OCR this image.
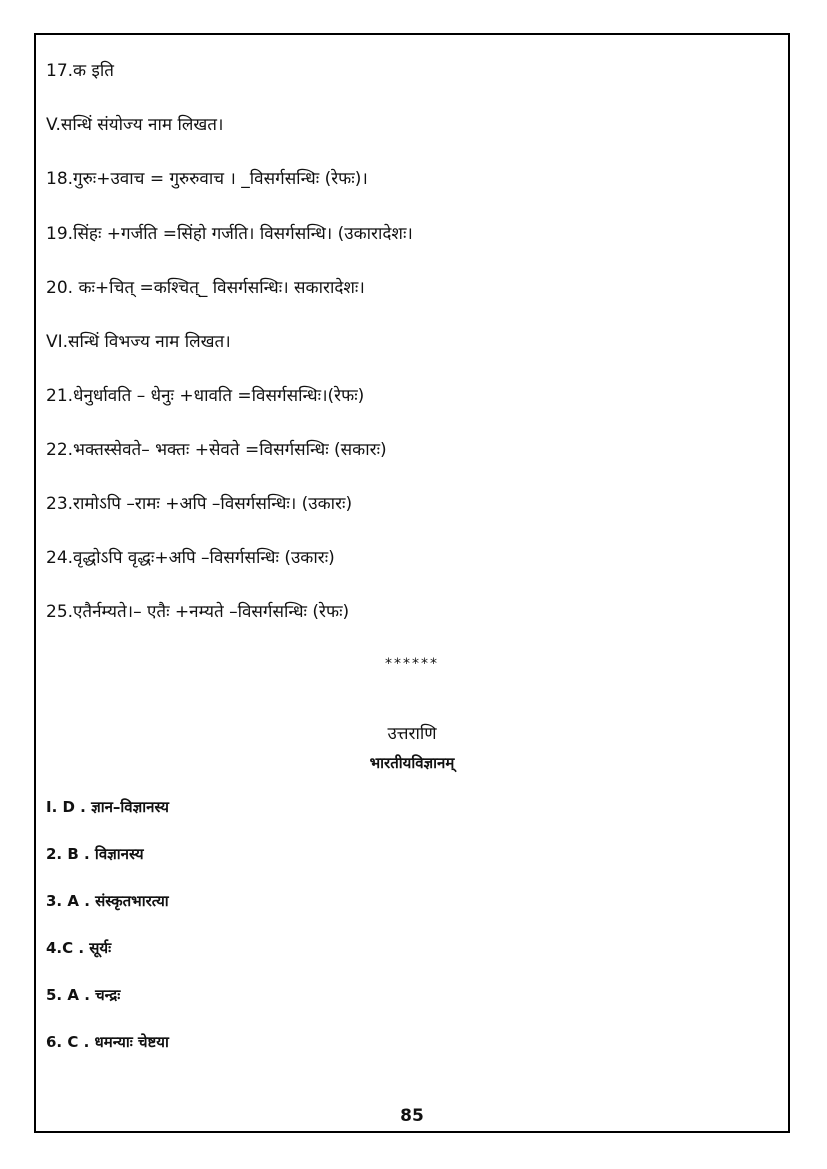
17.क इति
V.सन्धिं संयोज्य नाम लिखत।
18.गुरुः+उवाच = गुरुरुवाच । _विसर्गसन्धिः (रेफः)।
19.सिंहः +गर्जति =सिंहो गर्जति। विसर्गसन्धि। (उकारादेशः।
20. कः+चित् =कश्चित्_ विसर्गसन्धिः। सकारादेशः।
VI.सन्धिं विभज्य नाम लिखत।
21.धेनुर्धावति – धेनुः +धावति =विसर्गसन्धिः।(रेफः)
22.भक्तस्सेवते– भक्तः +सेवते =विसर्गसन्धिः (सकारः)
23.रामोऽपि –रामः +अपि –विसर्गसन्धिः। (उकारः)
24.वृद्धोऽपि वृद्धः+अपि –विसर्गसन्धिः (उकारः)
25.एतैर्नम्यते।– एतैः +नम्यते –विसर्गसन्धिः (रेफः)
******
उत्तराणि
भारतीयविज्ञानम्
I. D . ज्ञान–विज्ञानस्य
2. B . विज्ञानस्य
3. A . संस्कृतभारत्या
4.C . सूर्यः
5. A . चन्द्रः
6. C . धमन्याः चेष्टया
85
